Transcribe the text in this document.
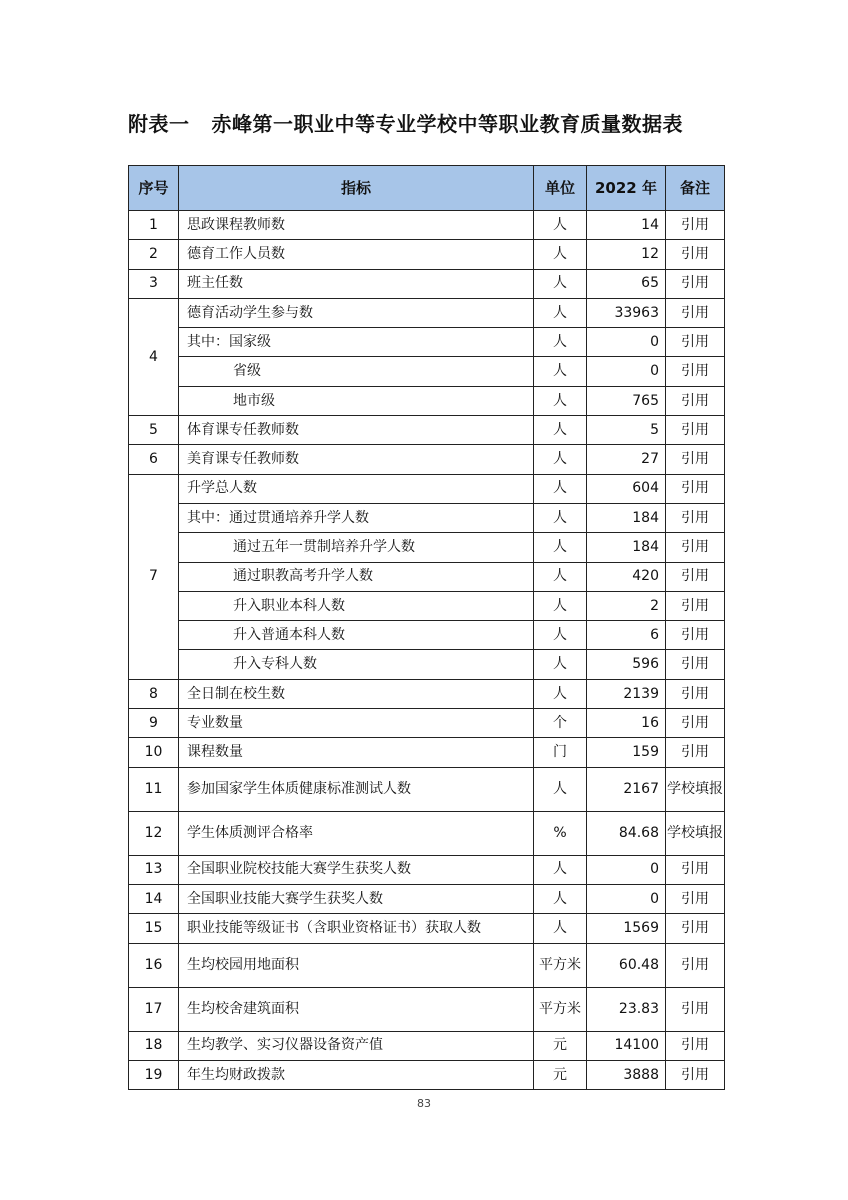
附表一 赤峰第一职业中等专业学校中等职业教育质量数据表
序号	指标	单位	2022 年	备注
1	思政课程教师数	人	14	引用
2	德育工作人员数	人	12	引用
3	班主任数	人	65	引用
4	德育活动学生参与数	人	33963	引用
	其中：国家级	人	0	引用
	省级	人	0	引用
	地市级	人	765	引用
5	体育课专任教师数	人	5	引用
6	美育课专任教师数	人	27	引用
7	升学总人数	人	604	引用
	其中：通过贯通培养升学人数	人	184	引用
	通过五年一贯制培养升学人数	人	184	引用
	通过职教高考升学人数	人	420	引用
	升入职业本科人数	人	2	引用
	升入普通本科人数	人	6	引用
	升入专科人数	人	596	引用
8	全日制在校生数	人	2139	引用
9	专业数量	个	16	引用
10	课程数量	门	159	引用
11	参加国家学生体质健康标准测试人数	人	2167	学校填报
12	学生体质测评合格率	%	84.68	学校填报
13	全国职业院校技能大赛学生获奖人数	人	0	引用
14	全国职业技能大赛学生获奖人数	人	0	引用
15	职业技能等级证书（含职业资格证书）获取人数	人	1569	引用
16	生均校园用地面积	平方米	60.48	引用
17	生均校舍建筑面积	平方米	23.83	引用
18	生均教学、实习仪器设备资产值	元	14100	引用
19	年生均财政拨款	元	3888	引用
83
